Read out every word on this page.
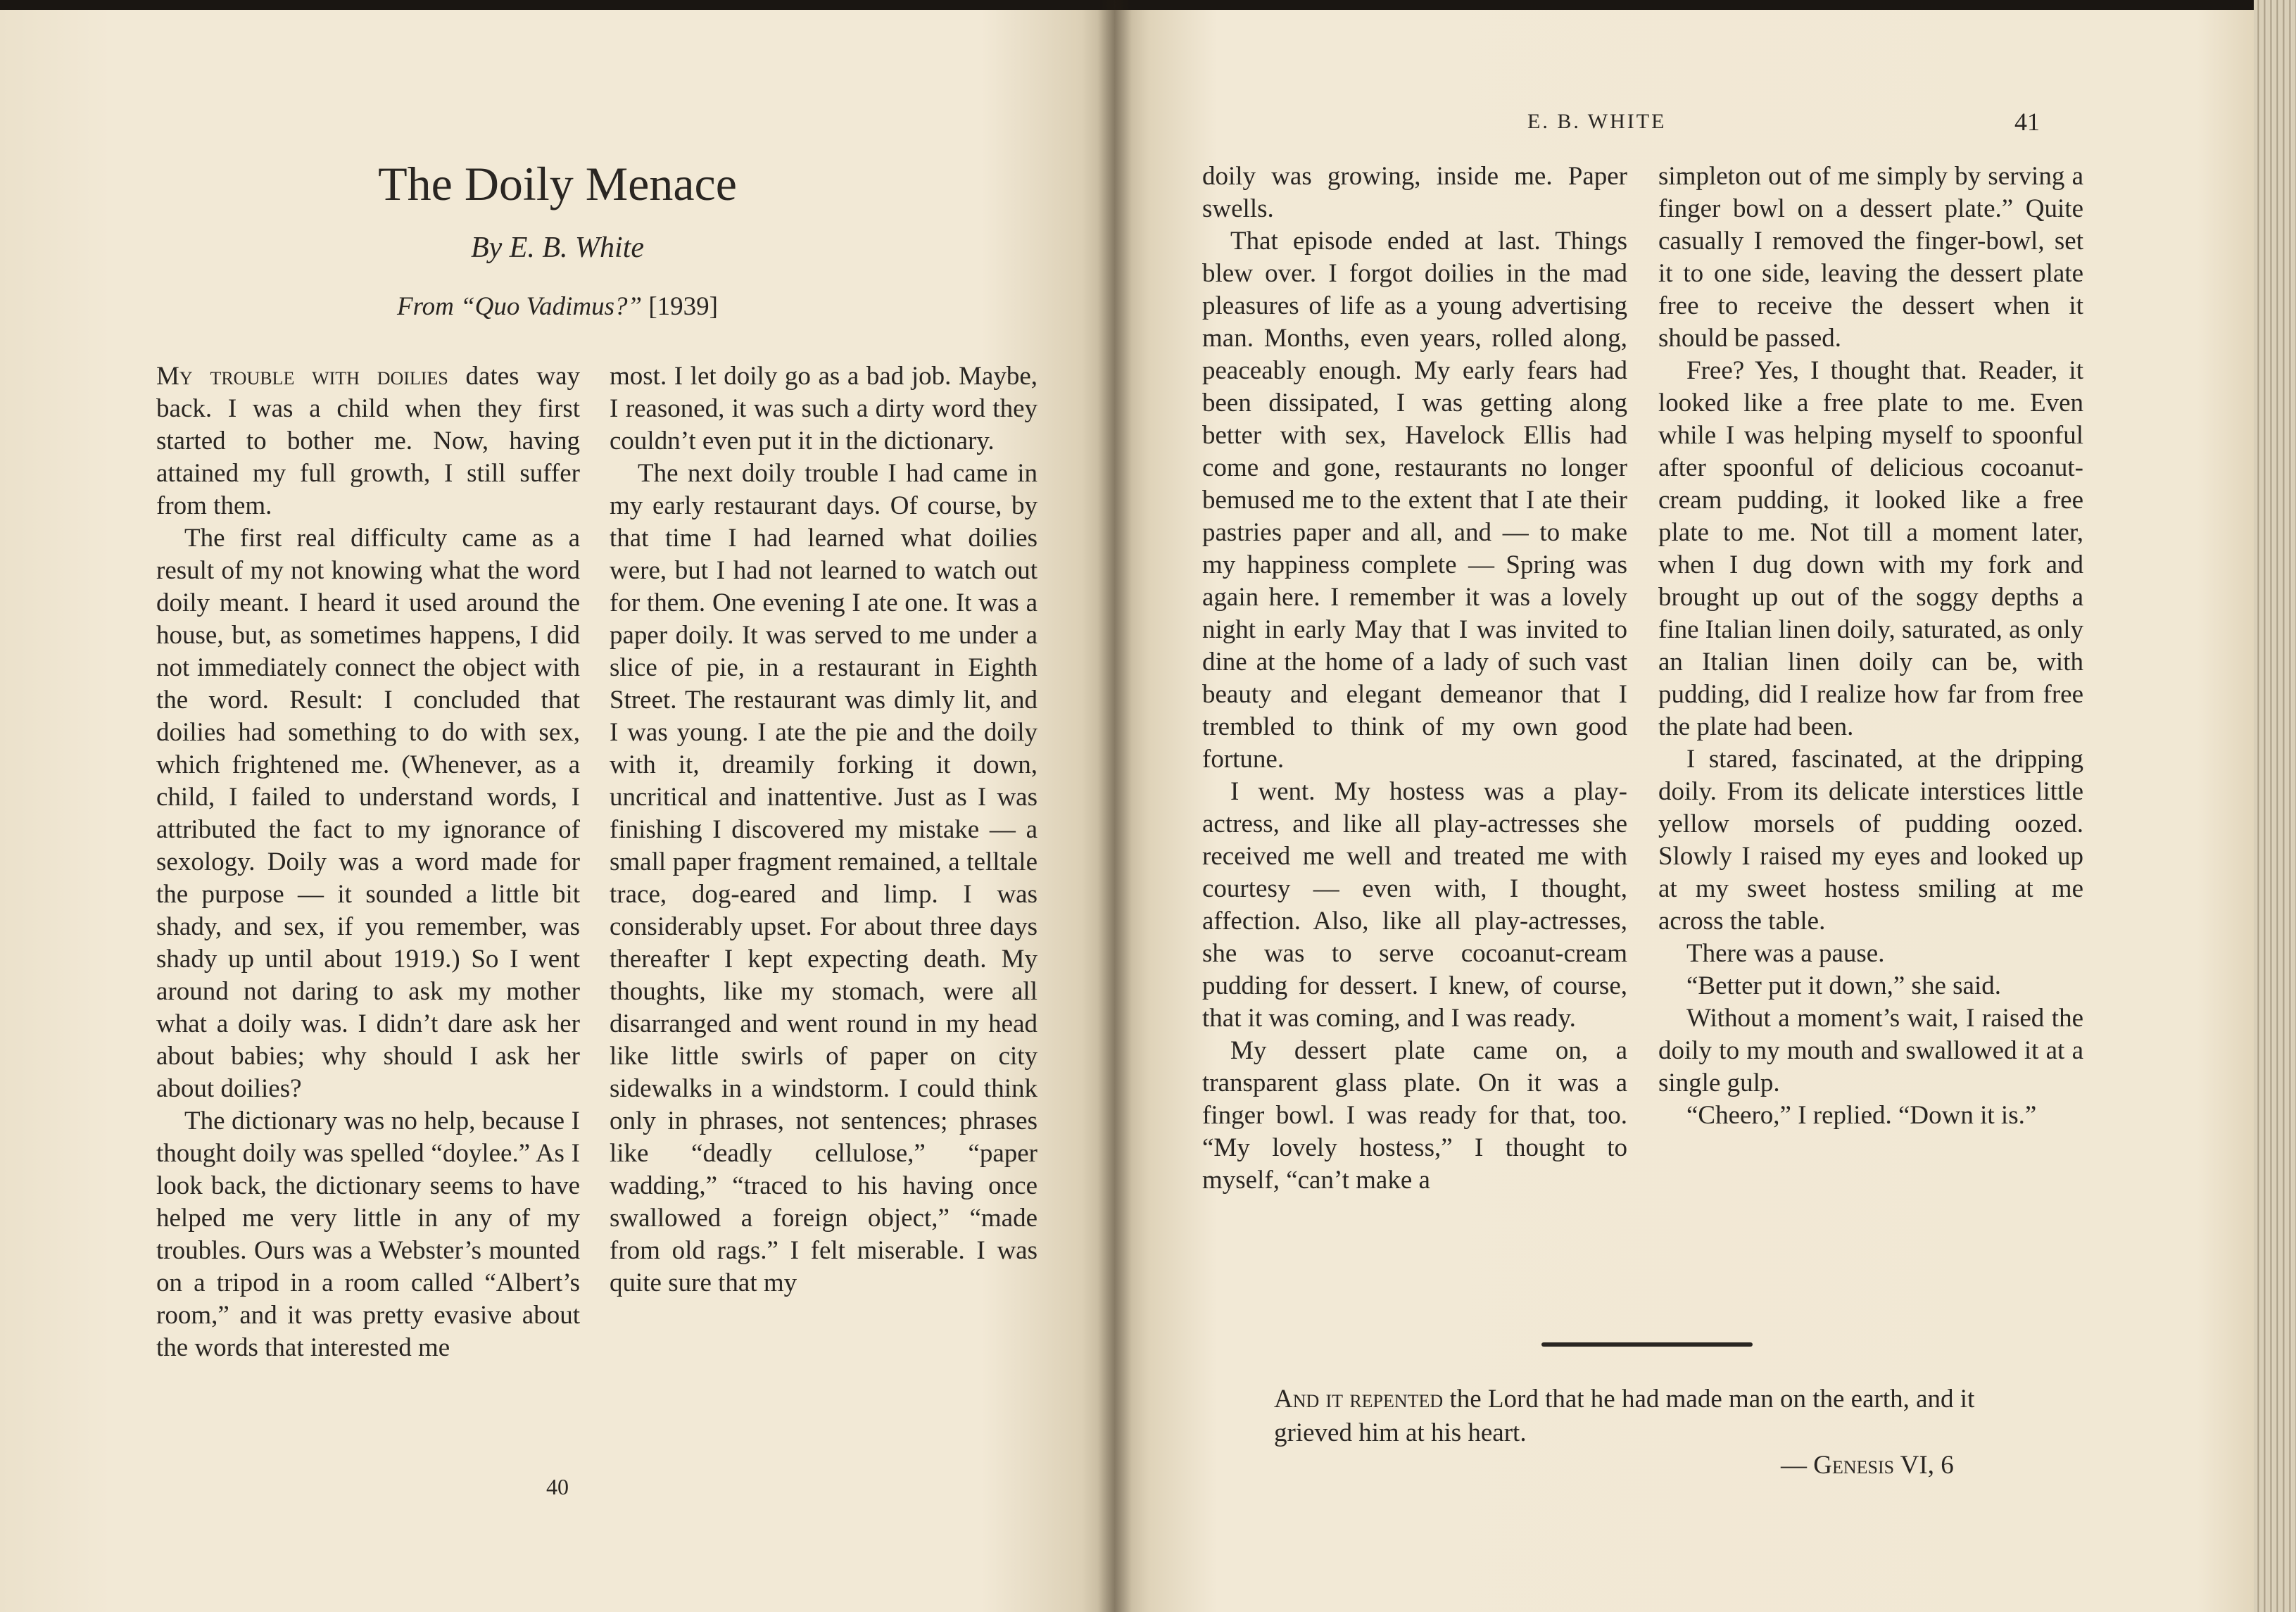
The Doily Menace
By E. B. White
From “Quo Vadimus?” [1939]

My trouble with doilies dates way back. I was a child when they first started to bother me. Now, having attained my full growth, I still suffer from them.

The first real difficulty came as a result of my not knowing what the word doily meant. I heard it used around the house, but, as sometimes happens, I did not immediately connect the object with the word. Result: I concluded that doilies had something to do with sex, which frightened me. (Whenever, as a child, I failed to understand words, I attributed the fact to my ignorance of sexology. Doily was a word made for the purpose — it sounded a little bit shady, and sex, if you remember, was shady up until about 1919.) So I went around not daring to ask my mother what a doily was. I didn’t dare ask her about babies; why should I ask her about doilies?

The dictionary was no help, because I thought doily was spelled “doylee.” As I look back, the dictionary seems to have helped me very little in any of my troubles. Ours was a Webster’s mounted on a tripod in a room called “Albert’s room,” and it was pretty evasive about the words that interested me

most. I let doily go as a bad job. Maybe, I reasoned, it was such a dirty word they couldn’t even put it in the dictionary.

The next doily trouble I had came in my early restaurant days. Of course, by that time I had learned what doilies were, but I had not learned to watch out for them. One evening I ate one. It was a paper doily. It was served to me under a slice of pie, in a restaurant in Eighth Street. The restaurant was dimly lit, and I was young. I ate the pie and the doily with it, dreamily forking it down, uncritical and inattentive. Just as I was finishing I discovered my mistake — a small paper fragment remained, a telltale trace, dog-eared and limp. I was considerably upset. For about three days thereafter I kept expecting death. My thoughts, like my stomach, were all disarranged and went round in my head like little swirls of paper on city sidewalks in a windstorm. I could think only in phrases, not sentences; phrases like “deadly cellulose,” “paper wadding,” “traced to his having once swallowed a foreign object,” “made from old rags.” I felt miserable. I was quite sure that my

40
E. B. WHITE	41

doily was growing, inside me. Paper swells.

That episode ended at last. Things blew over. I forgot doilies in the mad pleasures of life as a young advertising man. Months, even years, rolled along, peaceably enough. My early fears had been dissipated, I was getting along better with sex, Havelock Ellis had come and gone, restaurants no longer bemused me to the extent that I ate their pastries paper and all, and — to make my happiness complete — Spring was again here. I remember it was a lovely night in early May that I was invited to dine at the home of a lady of such vast beauty and elegant demeanor that I trembled to think of my own good fortune.

I went. My hostess was a play-actress, and like all play-actresses she received me well and treated me with courtesy — even with, I thought, affection. Also, like all play-actresses, she was to serve cocoanut-cream pudding for dessert. I knew, of course, that it was coming, and I was ready.

My dessert plate came on, a transparent glass plate. On it was a finger bowl. I was ready for that, too. “My lovely hostess,” I thought to myself, “can’t make a

simpleton out of me simply by serving a finger bowl on a dessert plate.” Quite casually I removed the finger-bowl, set it to one side, leaving the dessert plate free to receive the dessert when it should be passed.

Free? Yes, I thought that. Reader, it looked like a free plate to me. Even while I was helping myself to spoonful after spoonful of delicious cocoanut-cream pudding, it looked like a free plate to me. Not till a moment later, when I dug down with my fork and brought up out of the soggy depths a fine Italian linen doily, saturated, as only an Italian linen doily can be, with pudding, did I realize how far from free the plate had been.

I stared, fascinated, at the dripping doily. From its delicate interstices little yellow morsels of pudding oozed. Slowly I raised my eyes and looked up at my sweet hostess smiling at me across the table.

There was a pause.

“Better put it down,” she said.

Without a moment’s wait, I raised the doily to my mouth and swallowed it at a single gulp.

“Cheero,” I replied. “Down it is.”

And it repented the Lord that he had made man on the earth, and it grieved him at his heart.
— Genesis VI, 6
